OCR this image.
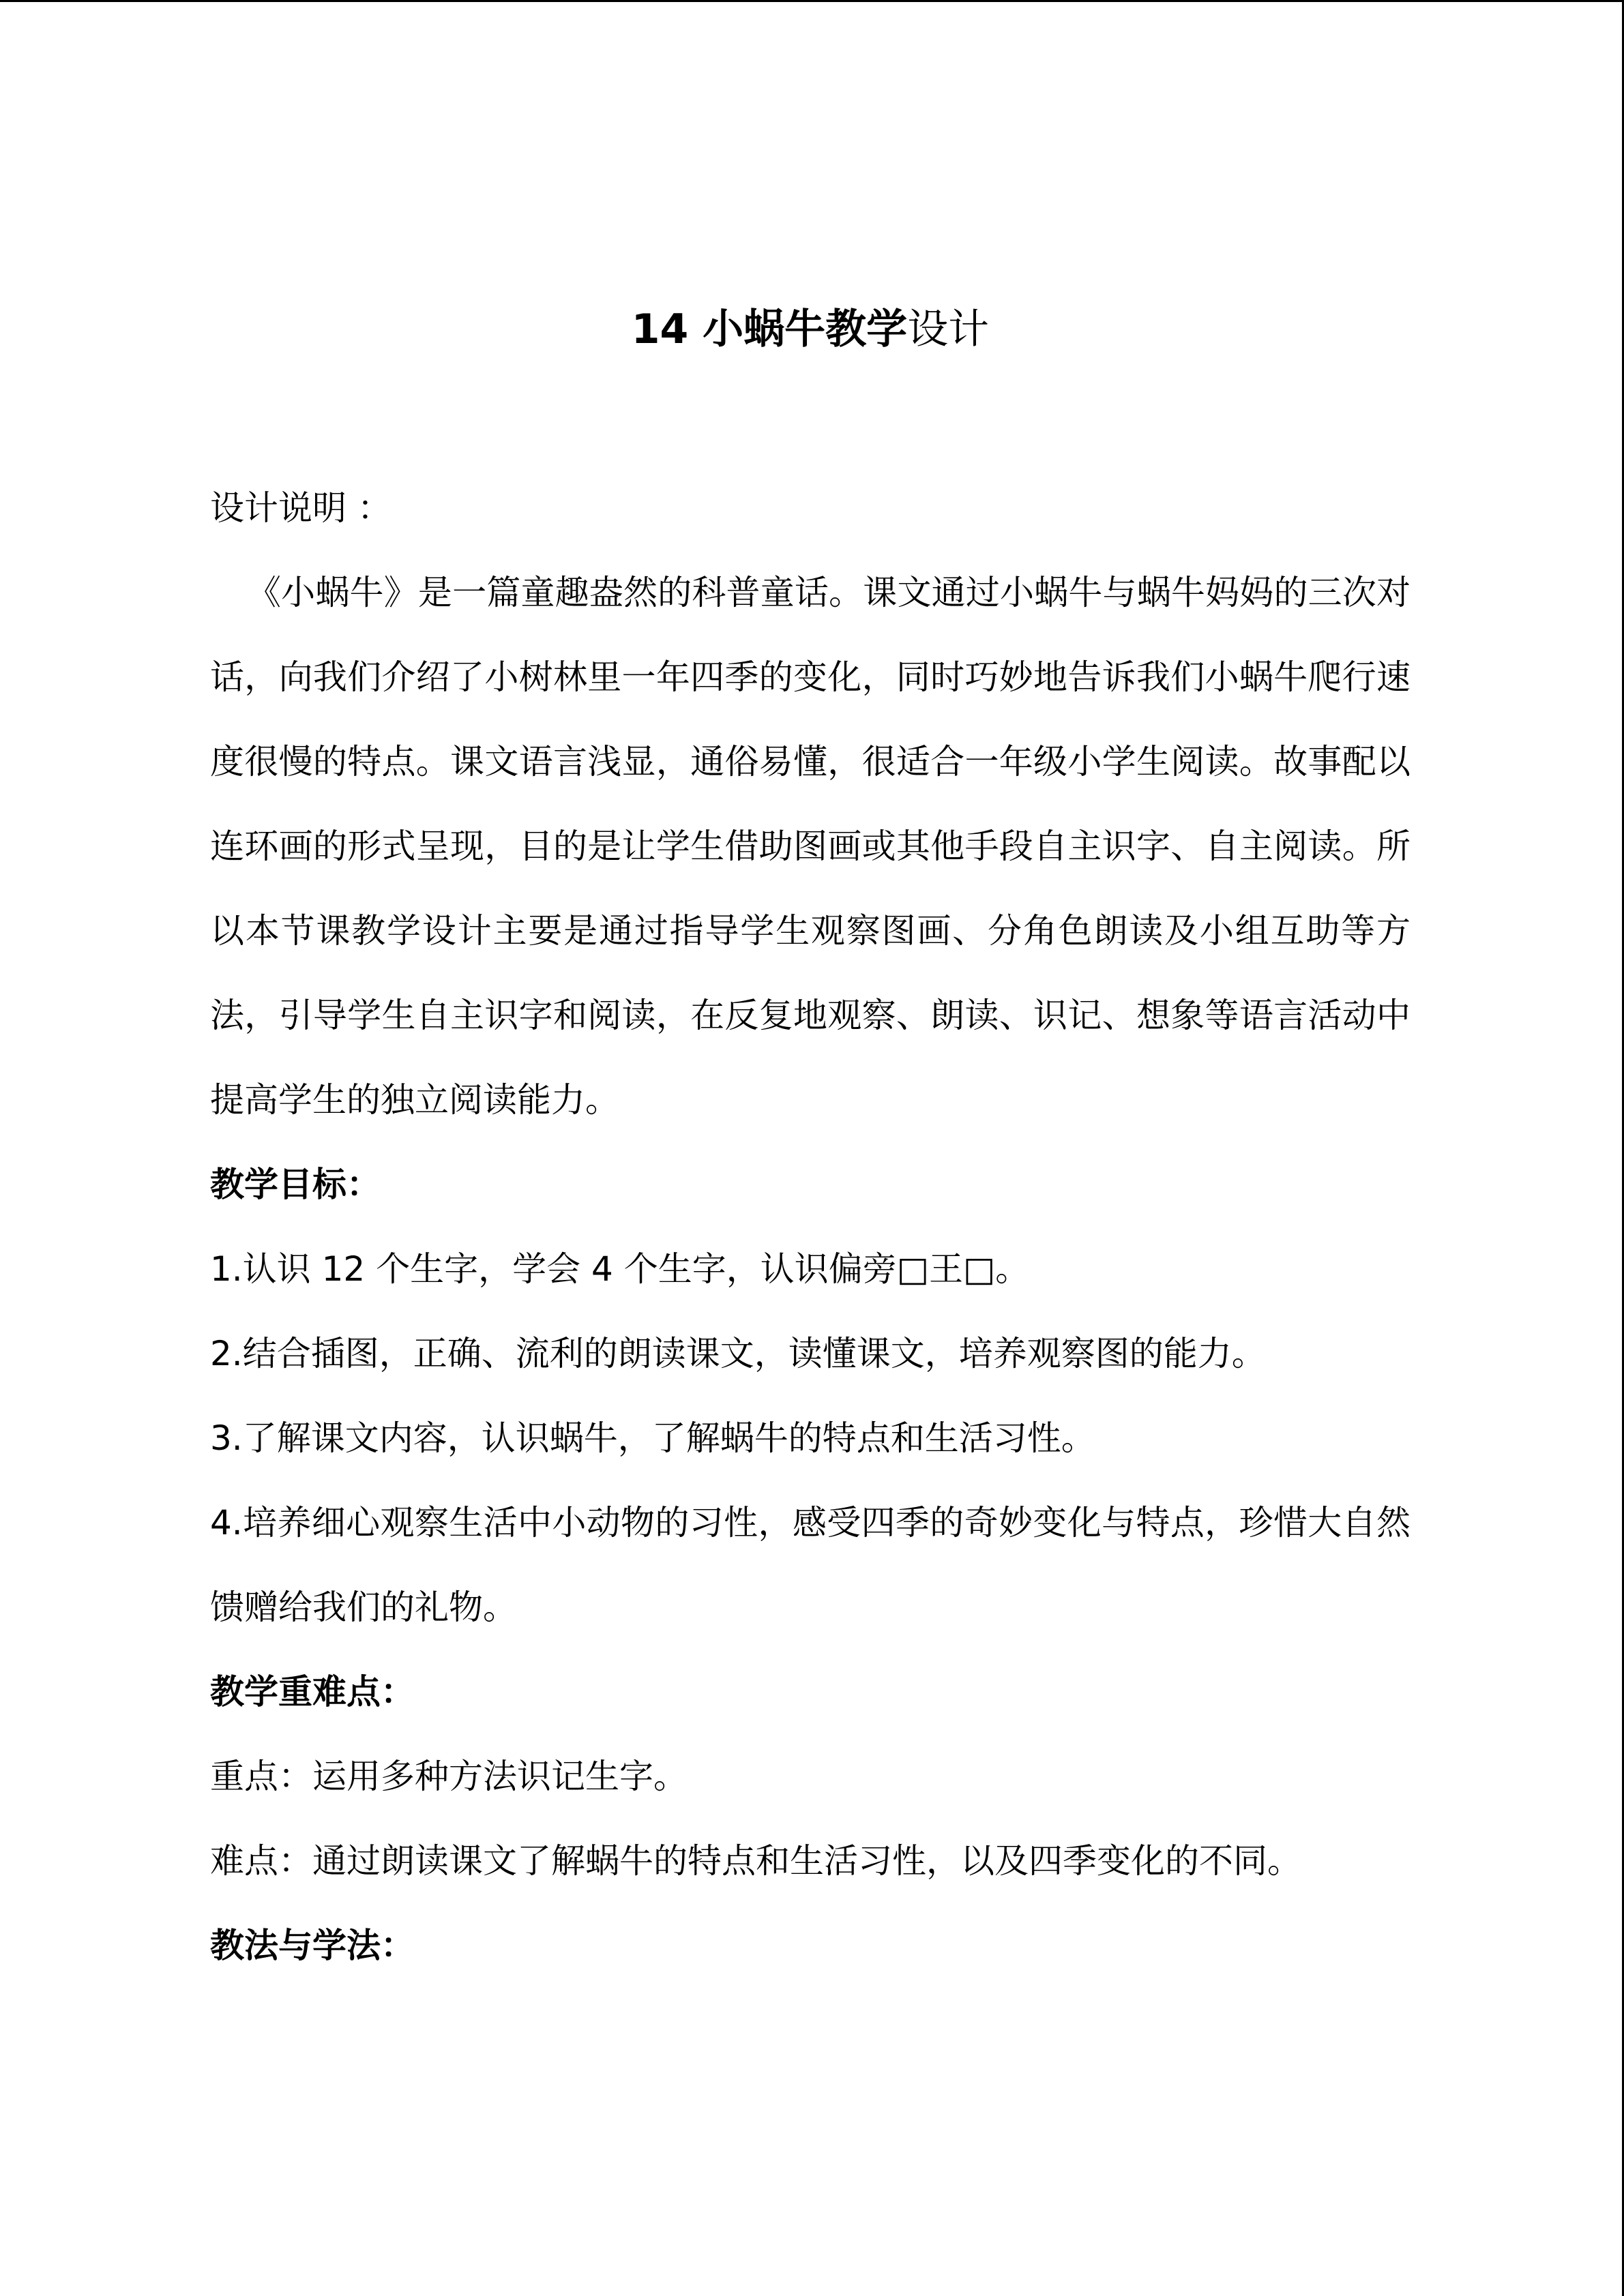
14 小蜗牛教学设计

设计说明 ：

《小蜗牛》是一篇童趣盎然的科普童话。课文通过小蜗牛与蜗牛妈妈的三次对话，向我们介绍了小树林里一年四季的变化，同时巧妙地告诉我们小蜗牛爬行速度很慢的特点。课文语言浅显，通俗易懂，很适合一年级小学生阅读。故事配以连环画的形式呈现，目的是让学生借助图画或其他手段自主识字、自主阅读。所以本节课教学设计主要是通过指导学生观察图画、分角色朗读及小组互助等方法，引导学生自主识字和阅读，在反复地观察、朗读、识记、想象等语言活动中提高学生的独立阅读能力。

教学目标：

1.认识 12 个生字，学会 4 个生字，认识偏旁□王□。

2.结合插图，正确、流利的朗读课文，读懂课文，培养观察图的能力。

3.了解课文内容，认识蜗牛，了解蜗牛的特点和生活习性。

4.培养细心观察生活中小动物的习性，感受四季的奇妙变化与特点，珍惜大自然馈赠给我们的礼物。

教学重难点：

重点：运用多种方法识记生字。

难点：通过朗读课文了解蜗牛的特点和生活习性，以及四季变化的不同。

教法与学法：
